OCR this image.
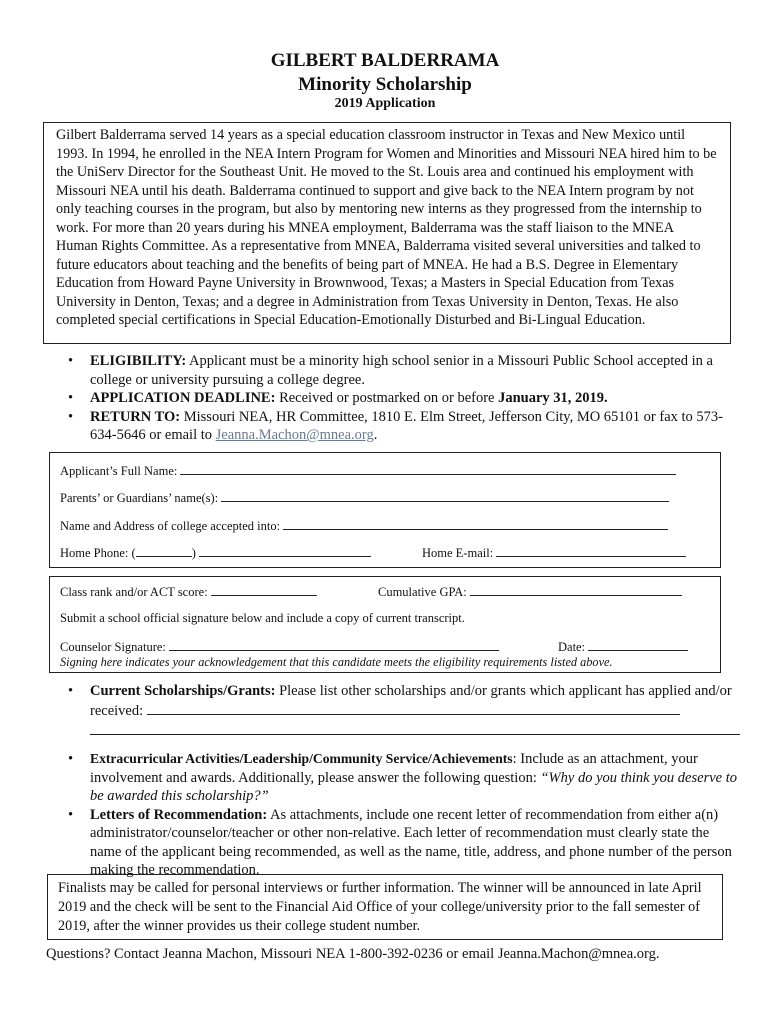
GILBERT BALDERRAMA
Minority Scholarship
2019 Application
Gilbert Balderrama served 14 years as a special education classroom instructor in Texas and New Mexico until 1993. In 1994, he enrolled in the NEA Intern Program for Women and Minorities and Missouri NEA hired him to be the UniServ Director for the Southeast Unit. He moved to the St. Louis area and continued his employment with Missouri NEA until his death. Balderrama continued to support and give back to the NEA Intern program by not only teaching courses in the program, but also by mentoring new interns as they progressed from the internship to work. For more than 20 years during his MNEA employment, Balderrama was the staff liaison to the MNEA Human Rights Committee. As a representative from MNEA, Balderrama visited several universities and talked to future educators about teaching and the benefits of being part of MNEA. He had a B.S. Degree in Elementary Education from Howard Payne University in Brownwood, Texas; a Masters in Special Education from Texas University in Denton, Texas; and a degree in Administration from Texas University in Denton, Texas. He also completed special certifications in Special Education-Emotionally Disturbed and Bi-Lingual Education.
• ELIGIBILITY: Applicant must be a minority high school senior in a Missouri Public School accepted in a college or university pursuing a college degree.
• APPLICATION DEADLINE: Received or postmarked on or before January 31, 2019.
• RETURN TO: Missouri NEA, HR Committee, 1810 E. Elm Street, Jefferson City, MO 65101 or fax to 573-634-5646 or email to Jeanna.Machon@mnea.org.
Applicant’s Full Name:
Parents’ or Guardians’ name(s):
Name and Address of college accepted into:
Home Phone: (	)	Home E-mail:
Class rank and/or ACT score:	Cumulative GPA:
Submit a school official signature below and include a copy of current transcript.
Counselor Signature:	Date:
Signing here indicates your acknowledgement that this candidate meets the eligibility requirements listed above.
• Current Scholarships/Grants: Please list other scholarships and/or grants which applicant has applied and/or received:
• Extracurricular Activities/Leadership/Community Service/Achievements: Include as an attachment, your involvement and awards. Additionally, please answer the following question: “Why do you think you deserve to be awarded this scholarship?”
• Letters of Recommendation: As attachments, include one recent letter of recommendation from either a(n) administrator/counselor/teacher or other non-relative. Each letter of recommendation must clearly state the name of the applicant being recommended, as well as the name, title, address, and phone number of the person making the recommendation.
Finalists may be called for personal interviews or further information. The winner will be announced in late April 2019 and the check will be sent to the Financial Aid Office of your college/university prior to the fall semester of 2019, after the winner provides us their college student number.
Questions? Contact Jeanna Machon, Missouri NEA 1-800-392-0236 or email Jeanna.Machon@mnea.org.
